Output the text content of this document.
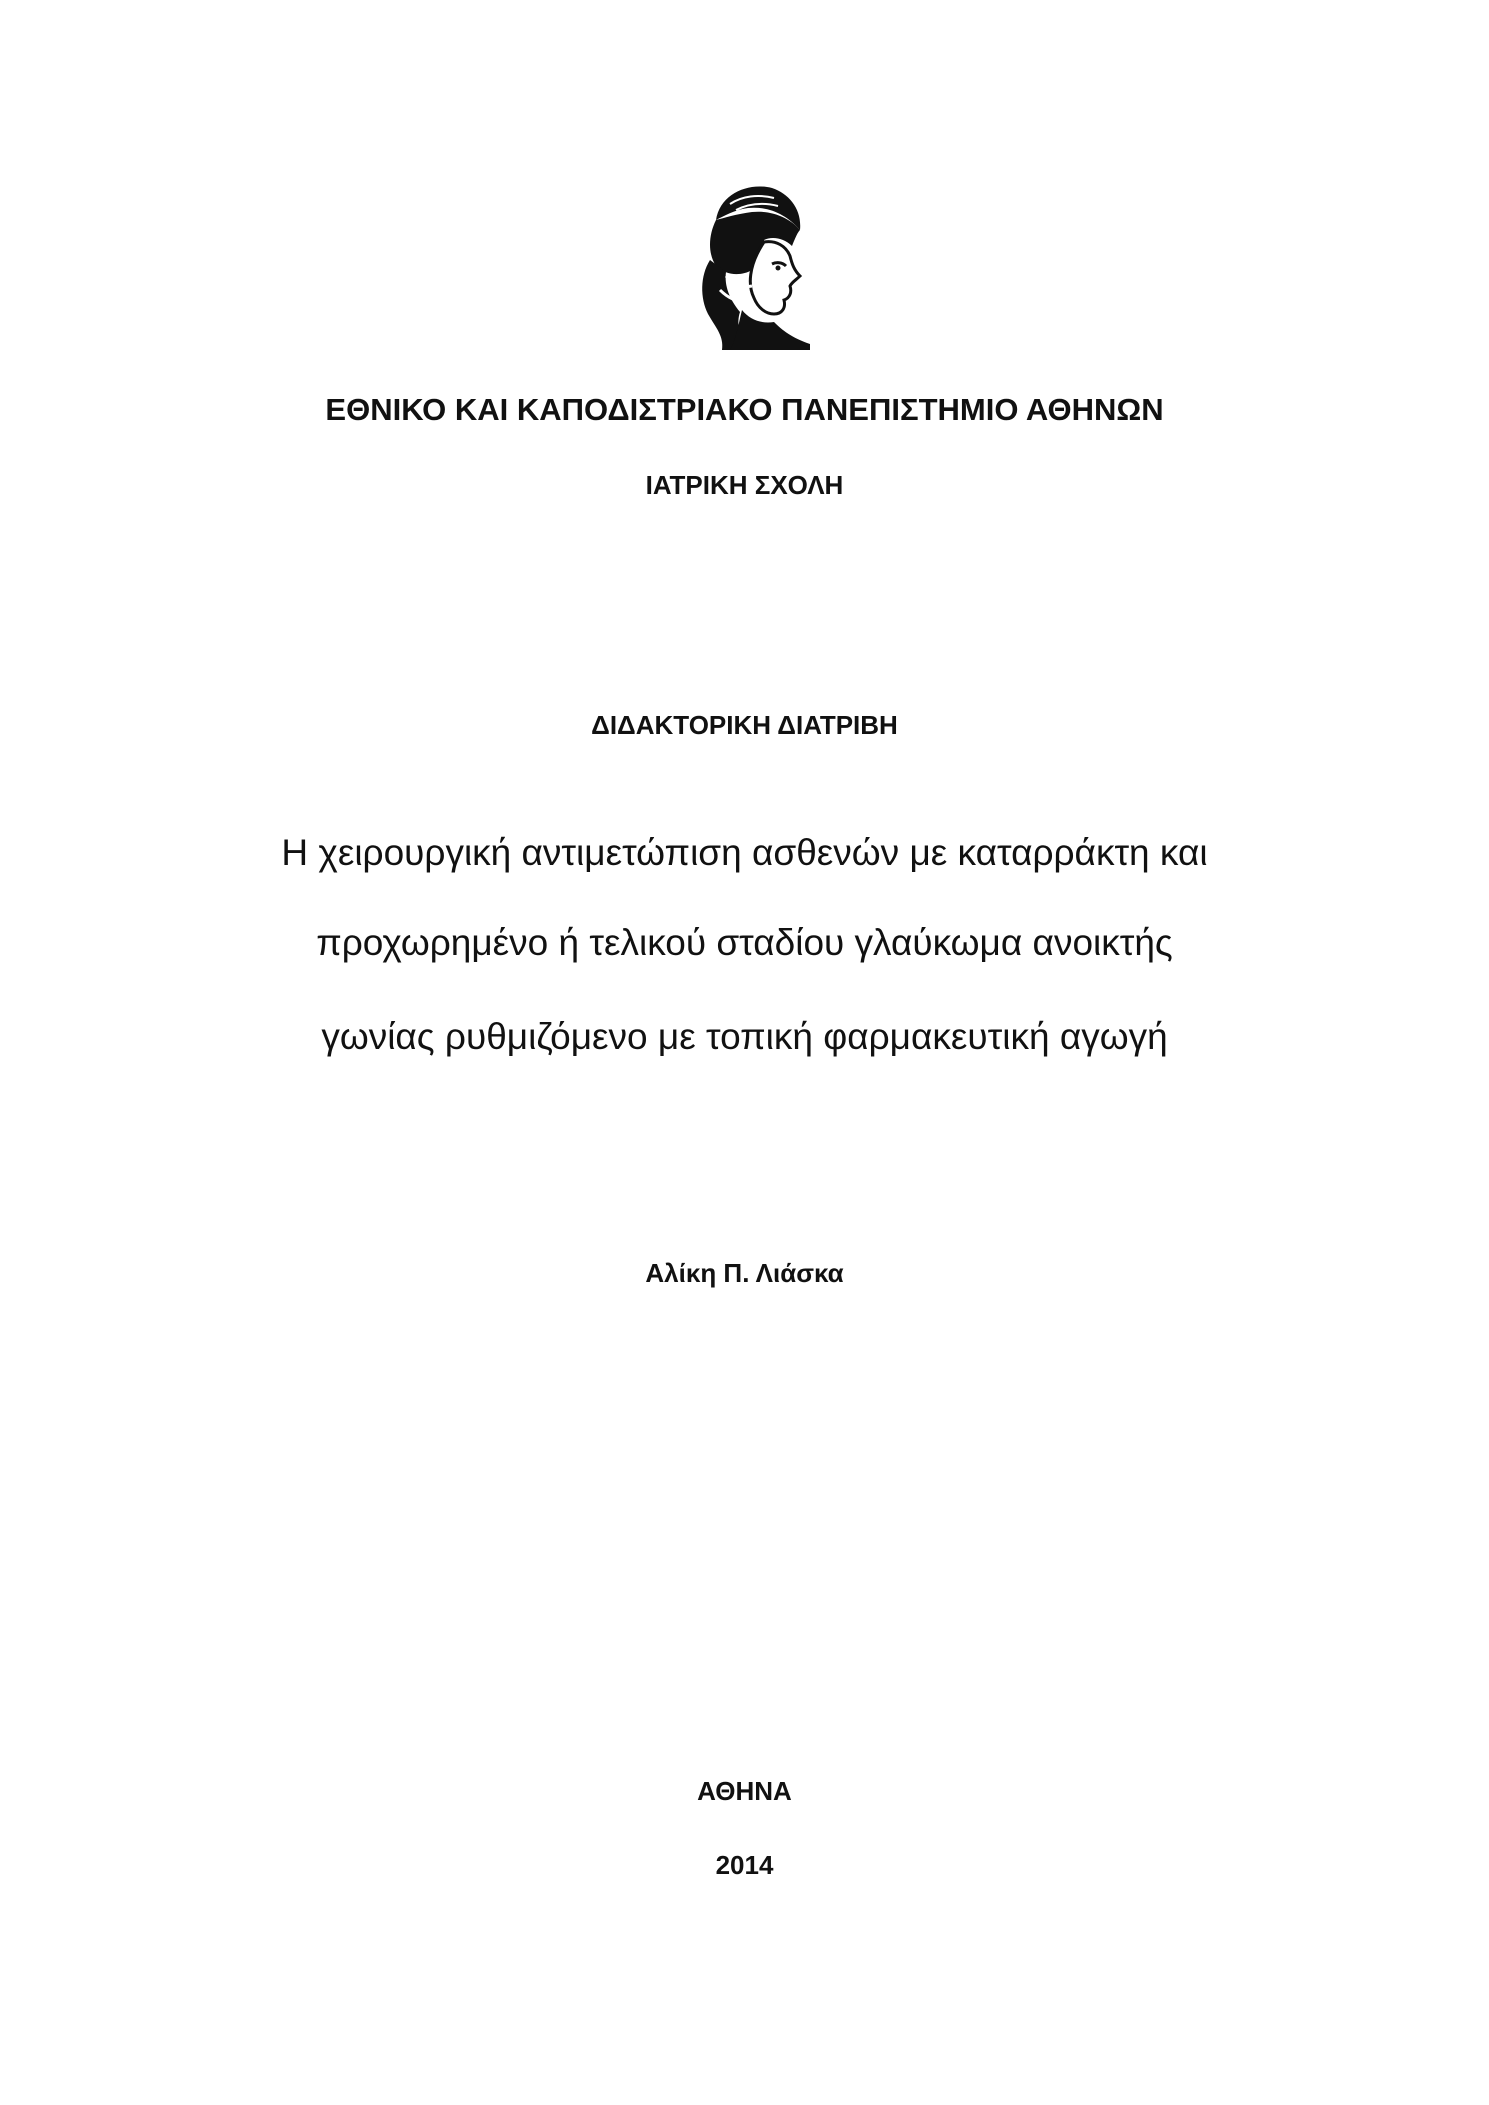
ΕΘΝΙΚΟ ΚΑΙ ΚΑΠΟΔΙΣΤΡΙΑΚΟ ΠΑΝΕΠΙΣΤΗΜΙΟ ΑΘΗΝΩΝ
ΙΑΤΡΙΚΗ ΣΧΟΛΗ
ΔΙΔΑΚΤΟΡΙΚΗ ΔΙΑΤΡΙΒΗ
Η χειρουργική αντιμετώπιση ασθενών με καταρράκτη και
προχωρημένο ή τελικού σταδίου γλαύκωμα ανοικτής
γωνίας ρυθμιζόμενο με τοπική φαρμακευτική αγωγή
Αλίκη Π. Λιάσκα
ΑΘΗΝΑ
2014
